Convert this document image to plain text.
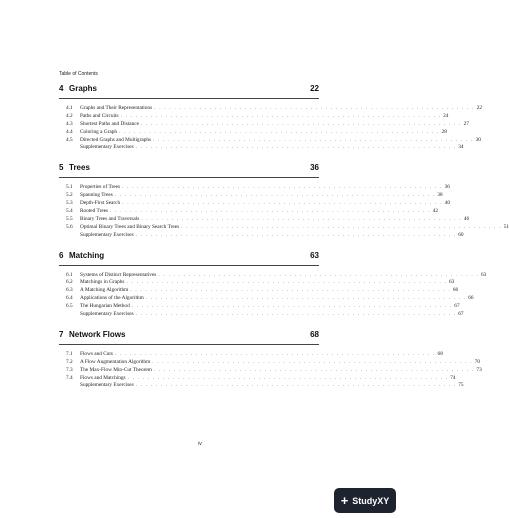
Table of Contents
4 Graphs	22
4.1	Graphs and Their Representations . . . . . . . . . . . . . . . . . . . . . . . . . . . . . . . . . . . . . . . . . . . . . . . . . . . . . . . . . . . . . . . . 22
4.2	Paths and Circuits . . . . . . . . . . . . . . . . . . . . . . . . . . . . . . . . . . . . . . . . . . . . . . . . . . . . . . . . . . . . . . . . 24
4.3	Shortest Paths and Distance . . . . . . . . . . . . . . . . . . . . . . . . . . . . . . . . . . . . . . . . . . . . . . . . . . . . . . . . . . . . . . . . 27
4.4	Coloring a Graph . . . . . . . . . . . . . . . . . . . . . . . . . . . . . . . . . . . . . . . . . . . . . . . . . . . . . . . . . . . . . . . . 28
4.5	Directed Graphs and Multigraphs . . . . . . . . . . . . . . . . . . . . . . . . . . . . . . . . . . . . . . . . . . . . . . . . . . . . . . . . . . . . . . . . 30
Supplementary Exercises . . . . . . . . . . . . . . . . . . . . . . . . . . . . . . . . . . . . . . . . . . . . . . . . . . . . . . . . . . . . . . . . 34
5 Trees	36
5.1	Properties of Trees . . . . . . . . . . . . . . . . . . . . . . . . . . . . . . . . . . . . . . . . . . . . . . . . . . . . . . . . . . . . . . . . 36
5.2	Spanning Trees . . . . . . . . . . . . . . . . . . . . . . . . . . . . . . . . . . . . . . . . . . . . . . . . . . . . . . . . . . . . . . . . 38
5.3	Depth-First Search . . . . . . . . . . . . . . . . . . . . . . . . . . . . . . . . . . . . . . . . . . . . . . . . . . . . . . . . . . . . . . . . 40
5.4	Rooted Trees . . . . . . . . . . . . . . . . . . . . . . . . . . . . . . . . . . . . . . . . . . . . . . . . . . . . . . . . . . . . . . . . 42
5.5	Binary Trees and Traversals . . . . . . . . . . . . . . . . . . . . . . . . . . . . . . . . . . . . . . . . . . . . . . . . . . . . . . . . . . . . . . . . 46
5.6	Optimal Binary Trees and Binary Search Trees . . . . . . . . . . . . . . . . . . . . . . . . . . . . . . . . . . . . . . . . . . . . . . . . . . . . . . . . . . . . . . . . 51
Supplementary Exercises . . . . . . . . . . . . . . . . . . . . . . . . . . . . . . . . . . . . . . . . . . . . . . . . . . . . . . . . . . . . . . . . 60
6 Matching	63
6.1	Systems of Distinct Representatives . . . . . . . . . . . . . . . . . . . . . . . . . . . . . . . . . . . . . . . . . . . . . . . . . . . . . . . . . . . . . . . . 63
6.2	Matchings in Graphs . . . . . . . . . . . . . . . . . . . . . . . . . . . . . . . . . . . . . . . . . . . . . . . . . . . . . . . . . . . . . . . . 63
6.3	A Matching Algorithm . . . . . . . . . . . . . . . . . . . . . . . . . . . . . . . . . . . . . . . . . . . . . . . . . . . . . . . . . . . . . . . . 66
6.4	Applications of the Algorithm . . . . . . . . . . . . . . . . . . . . . . . . . . . . . . . . . . . . . . . . . . . . . . . . . . . . . . . . . . . . . . . . 66
6.5	The Hungarian Method . . . . . . . . . . . . . . . . . . . . . . . . . . . . . . . . . . . . . . . . . . . . . . . . . . . . . . . . . . . . . . . . 67
Supplementary Exercises . . . . . . . . . . . . . . . . . . . . . . . . . . . . . . . . . . . . . . . . . . . . . . . . . . . . . . . . . . . . . . . . 67
7 Network Flows	68
7.1	Flows and Cuts . . . . . . . . . . . . . . . . . . . . . . . . . . . . . . . . . . . . . . . . . . . . . . . . . . . . . . . . . . . . . . . . 68
7.2	A Flow Augmentation Algorithm . . . . . . . . . . . . . . . . . . . . . . . . . . . . . . . . . . . . . . . . . . . . . . . . . . . . . . . . . . . . . . . . 70
7.3	The Max-Flow Min-Cut Theorem . . . . . . . . . . . . . . . . . . . . . . . . . . . . . . . . . . . . . . . . . . . . . . . . . . . . . . . . . . . . . . . . 73
7.4	Flows and Matchings . . . . . . . . . . . . . . . . . . . . . . . . . . . . . . . . . . . . . . . . . . . . . . . . . . . . . . . . . . . . . . . . 74
Supplementary Exercises . . . . . . . . . . . . . . . . . . . . . . . . . . . . . . . . . . . . . . . . . . . . . . . . . . . . . . . . . . . . . . . . 75
iv
+ StudyXY
